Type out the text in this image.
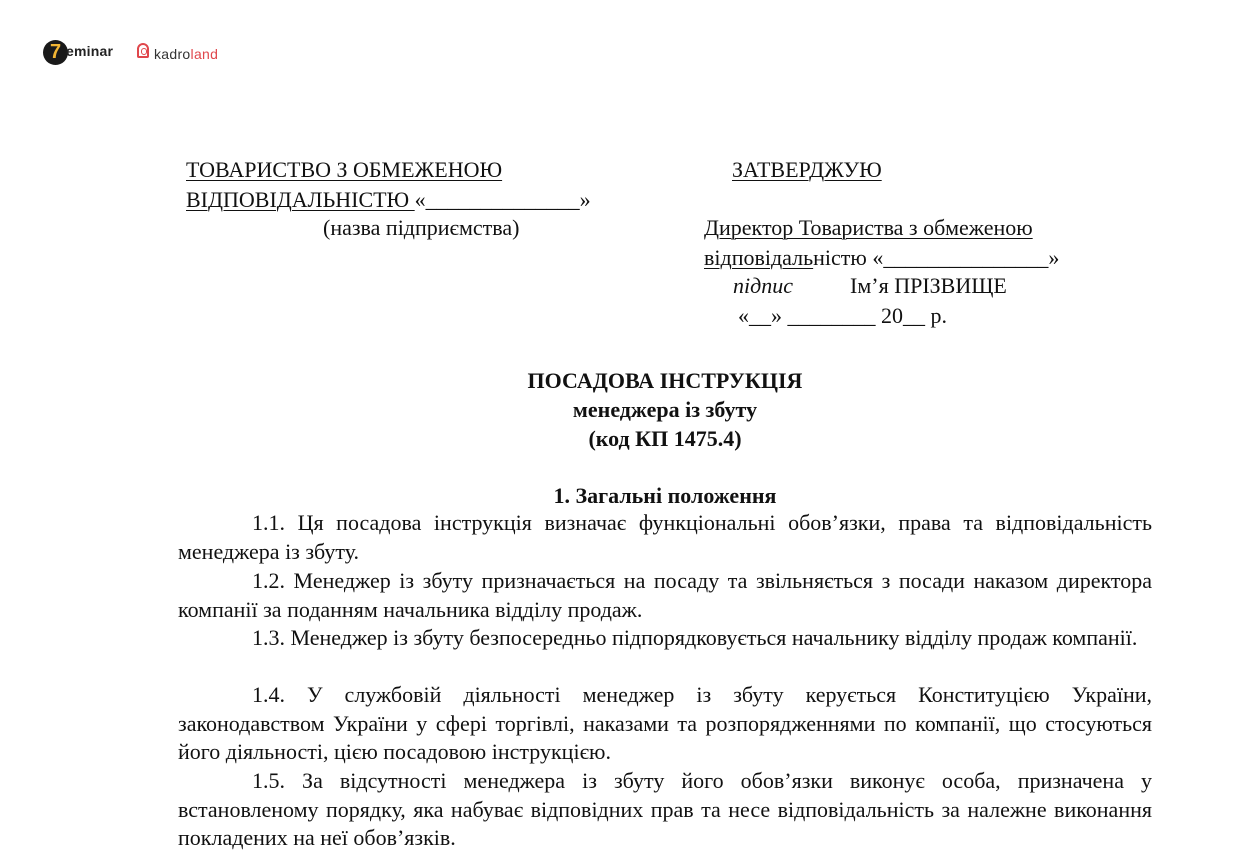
7 eminar	kadroland
ТОВАРИСТВО З ОБМЕЖЕНОЮ
ВІДПОВІДАЛЬНІСТЮ «______________»
(назва підприємства)
ЗАТВЕРДЖУЮ
Директор Товариства з обмеженою
відповідальністю «_______________»
підпис	Ім’я ПРІЗВИЩЕ
«__» ________ 20__ р.
ПОСАДОВА ІНСТРУКЦІЯ
менеджера із збуту
(код КП 1475.4)
1. Загальні положення
1.1. Ця посадова інструкція визначає функціональні обов’язки, права та відповідальність менеджера із збуту.
1.2. Менеджер із збуту призначається на посаду та звільняється з посади наказом директора компанії за поданням начальника відділу продаж.
1.3. Менеджер із збуту безпосередньо підпорядковується начальнику відділу продаж компанії.
1.4. У службовій діяльності менеджер із збуту керується Конституцією України, законодавством України у сфері торгівлі, наказами та розпорядженнями по компанії, що стосуються його діяльності, цією посадовою інструкцією.
1.5. За відсутності менеджера із збуту його обов’язки виконує особа, призначена у встановленому порядку, яка набуває відповідних прав та несе відповідальність за належне виконання покладених на неї обов’язків.
